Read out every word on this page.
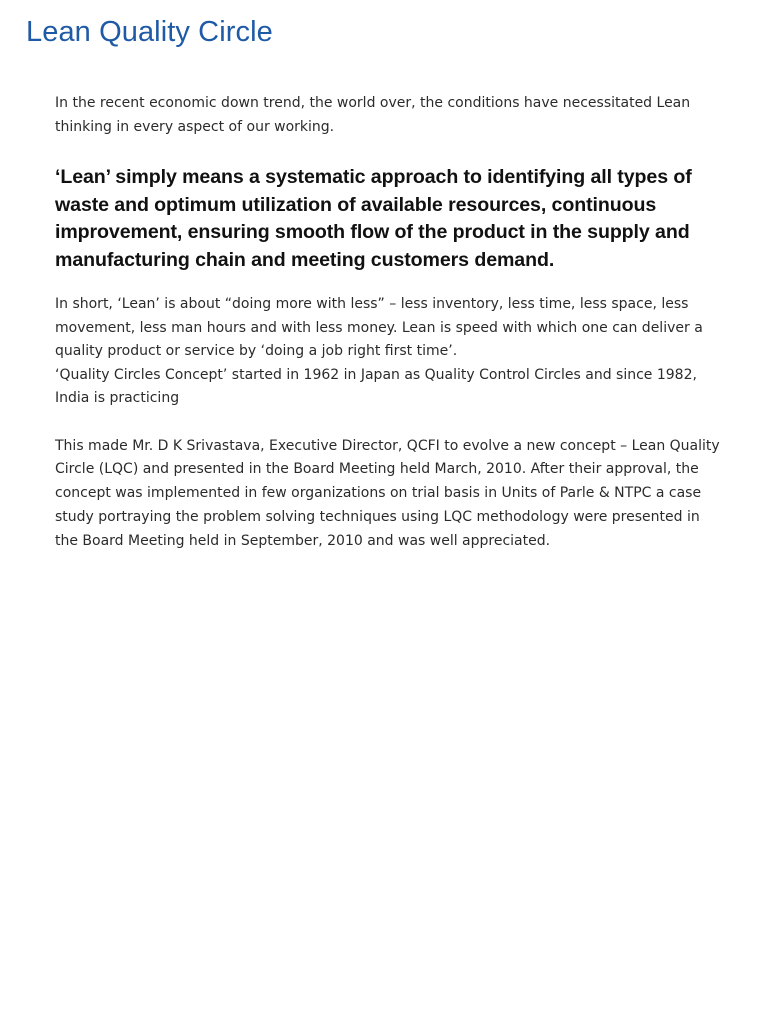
Lean Quality Circle

In the recent economic down trend, the world over, the conditions have necessitated Lean thinking in every aspect of our working.

‘Lean’ simply means a systematic approach to identifying all types of waste and optimum utilization of available resources, continuous improvement, ensuring smooth flow of the product in the supply and manufacturing chain and meeting customers demand.

In short, ‘Lean’ is about “doing more with less” – less inventory, less time, less space, less movement, less man hours and with less money. Lean is speed with which one can deliver a quality product or service by ‘doing a job right first time’.

‘Quality Circles Concept’ started in 1962 in Japan as Quality Control Circles and since 1982, India is practicing

This made Mr. D K Srivastava, Executive Director, QCFI to evolve a new concept – Lean Quality Circle (LQC) and presented in the Board Meeting held March, 2010. After their approval, the concept was implemented in few organizations on trial basis in Units of Parle & NTPC a case study portraying the problem solving techniques using LQC methodology were presented in the Board Meeting held in September, 2010 and was well appreciated.
